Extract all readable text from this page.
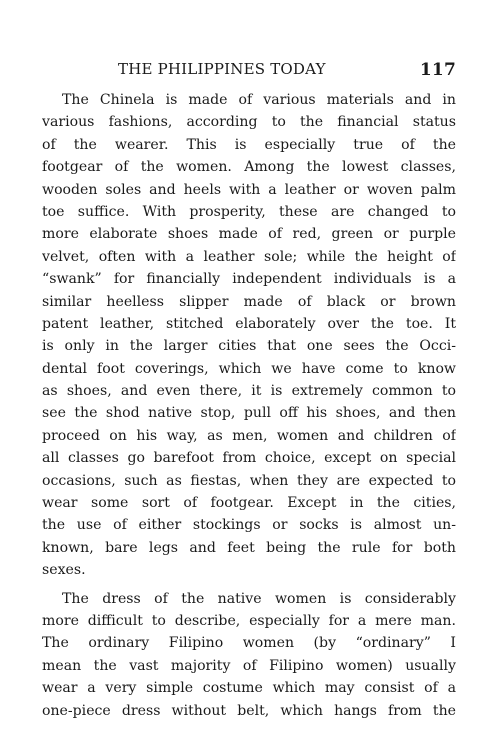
THE PHILIPPINES TODAY	117
The Chinela is made of various materials and in
various fashions, according to the financial status
of the wearer. This is especially true of the
footgear of the women. Among the lowest classes,
wooden soles and heels with a leather or woven palm
toe suffice. With prosperity, these are changed to
more elaborate shoes made of red, green or purple
velvet, often with a leather sole; while the height of
“swank” for financially independent individuals is a
similar heelless slipper made of black or brown
patent leather, stitched elaborately over the toe. It
is only in the larger cities that one sees the Occi-
dental foot coverings, which we have come to know
as shoes, and even there, it is extremely common to
see the shod native stop, pull off his shoes, and then
proceed on his way, as men, women and children of
all classes go barefoot from choice, except on special
occasions, such as fiestas, when they are expected to
wear some sort of footgear. Except in the cities,
the use of either stockings or socks is almost un-
known, bare legs and feet being the rule for both
sexes.
The dress of the native women is considerably
more difficult to describe, especially for a mere man.
The ordinary Filipino women (by “ordinary” I
mean the vast majority of Filipino women) usually
wear a very simple costume which may consist of a
one-piece dress without belt, which hangs from the
